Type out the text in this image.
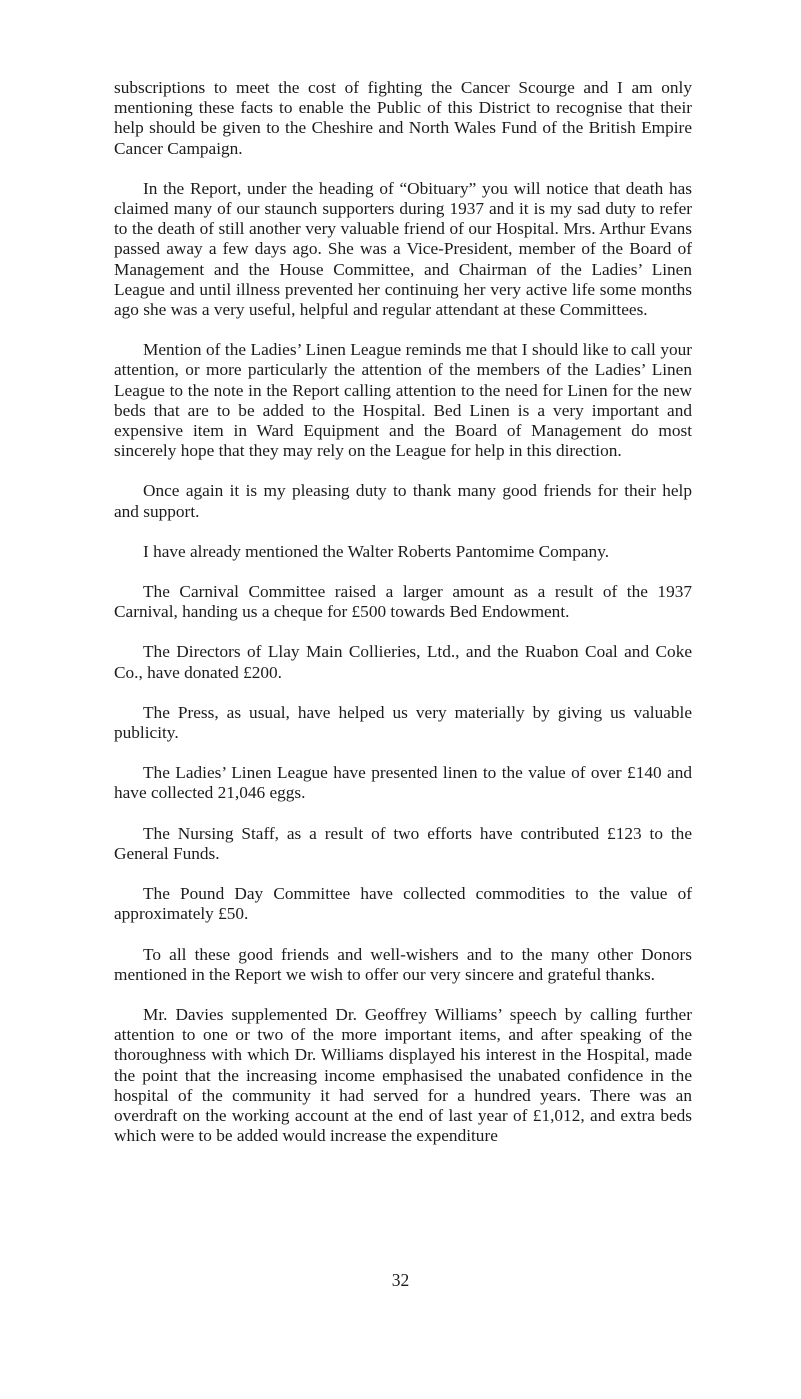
subscriptions to meet the cost of fighting the Cancer Scourge and I am only mentioning these facts to enable the Public of this District to recognise that their help should be given to the Cheshire and North Wales Fund of the British Empire Cancer Campaign.

In the Report, under the heading of “Obituary” you will notice that death has claimed many of our staunch supporters during 1937 and it is my sad duty to refer to the death of still another very valuable friend of our Hospital. Mrs. Arthur Evans passed away a few days ago. She was a Vice-President, member of the Board of Management and the House Committee, and Chairman of the Ladies’ Linen League and until illness prevented her continuing her very active life some months ago she was a very useful, helpful and regular attendant at these Committees.

Mention of the Ladies’ Linen League reminds me that I should like to call your attention, or more particularly the attention of the members of the Ladies’ Linen League to the note in the Report calling attention to the need for Linen for the new beds that are to be added to the Hospital. Bed Linen is a very important and expensive item in Ward Equipment and the Board of Management do most sincerely hope that they may rely on the League for help in this direction.

Once again it is my pleasing duty to thank many good friends for their help and support.

I have already mentioned the Walter Roberts Pantomime Company.

The Carnival Committee raised a larger amount as a result of the 1937 Carnival, handing us a cheque for £500 towards Bed Endowment.

The Directors of Llay Main Collieries, Ltd., and the Ruabon Coal and Coke Co., have donated £200.

The Press, as usual, have helped us very materially by giving us valuable publicity.

The Ladies’ Linen League have presented linen to the value of over £140 and have collected 21,046 eggs.

The Nursing Staff, as a result of two efforts have contributed £123 to the General Funds.

The Pound Day Committee have collected commodities to the value of approximately £50.

To all these good friends and well-wishers and to the many other Donors mentioned in the Report we wish to offer our very sincere and grateful thanks.

Mr. Davies supplemented Dr. Geoffrey Williams’ speech by calling further attention to one or two of the more important items, and after speaking of the thoroughness with which Dr. Williams displayed his interest in the Hospital, made the point that the increasing income emphasised the unabated confidence in the hospital of the community it had served for a hundred years. There was an overdraft on the working account at the end of last year of £1,012, and extra beds which were to be added would increase the expenditure

32
